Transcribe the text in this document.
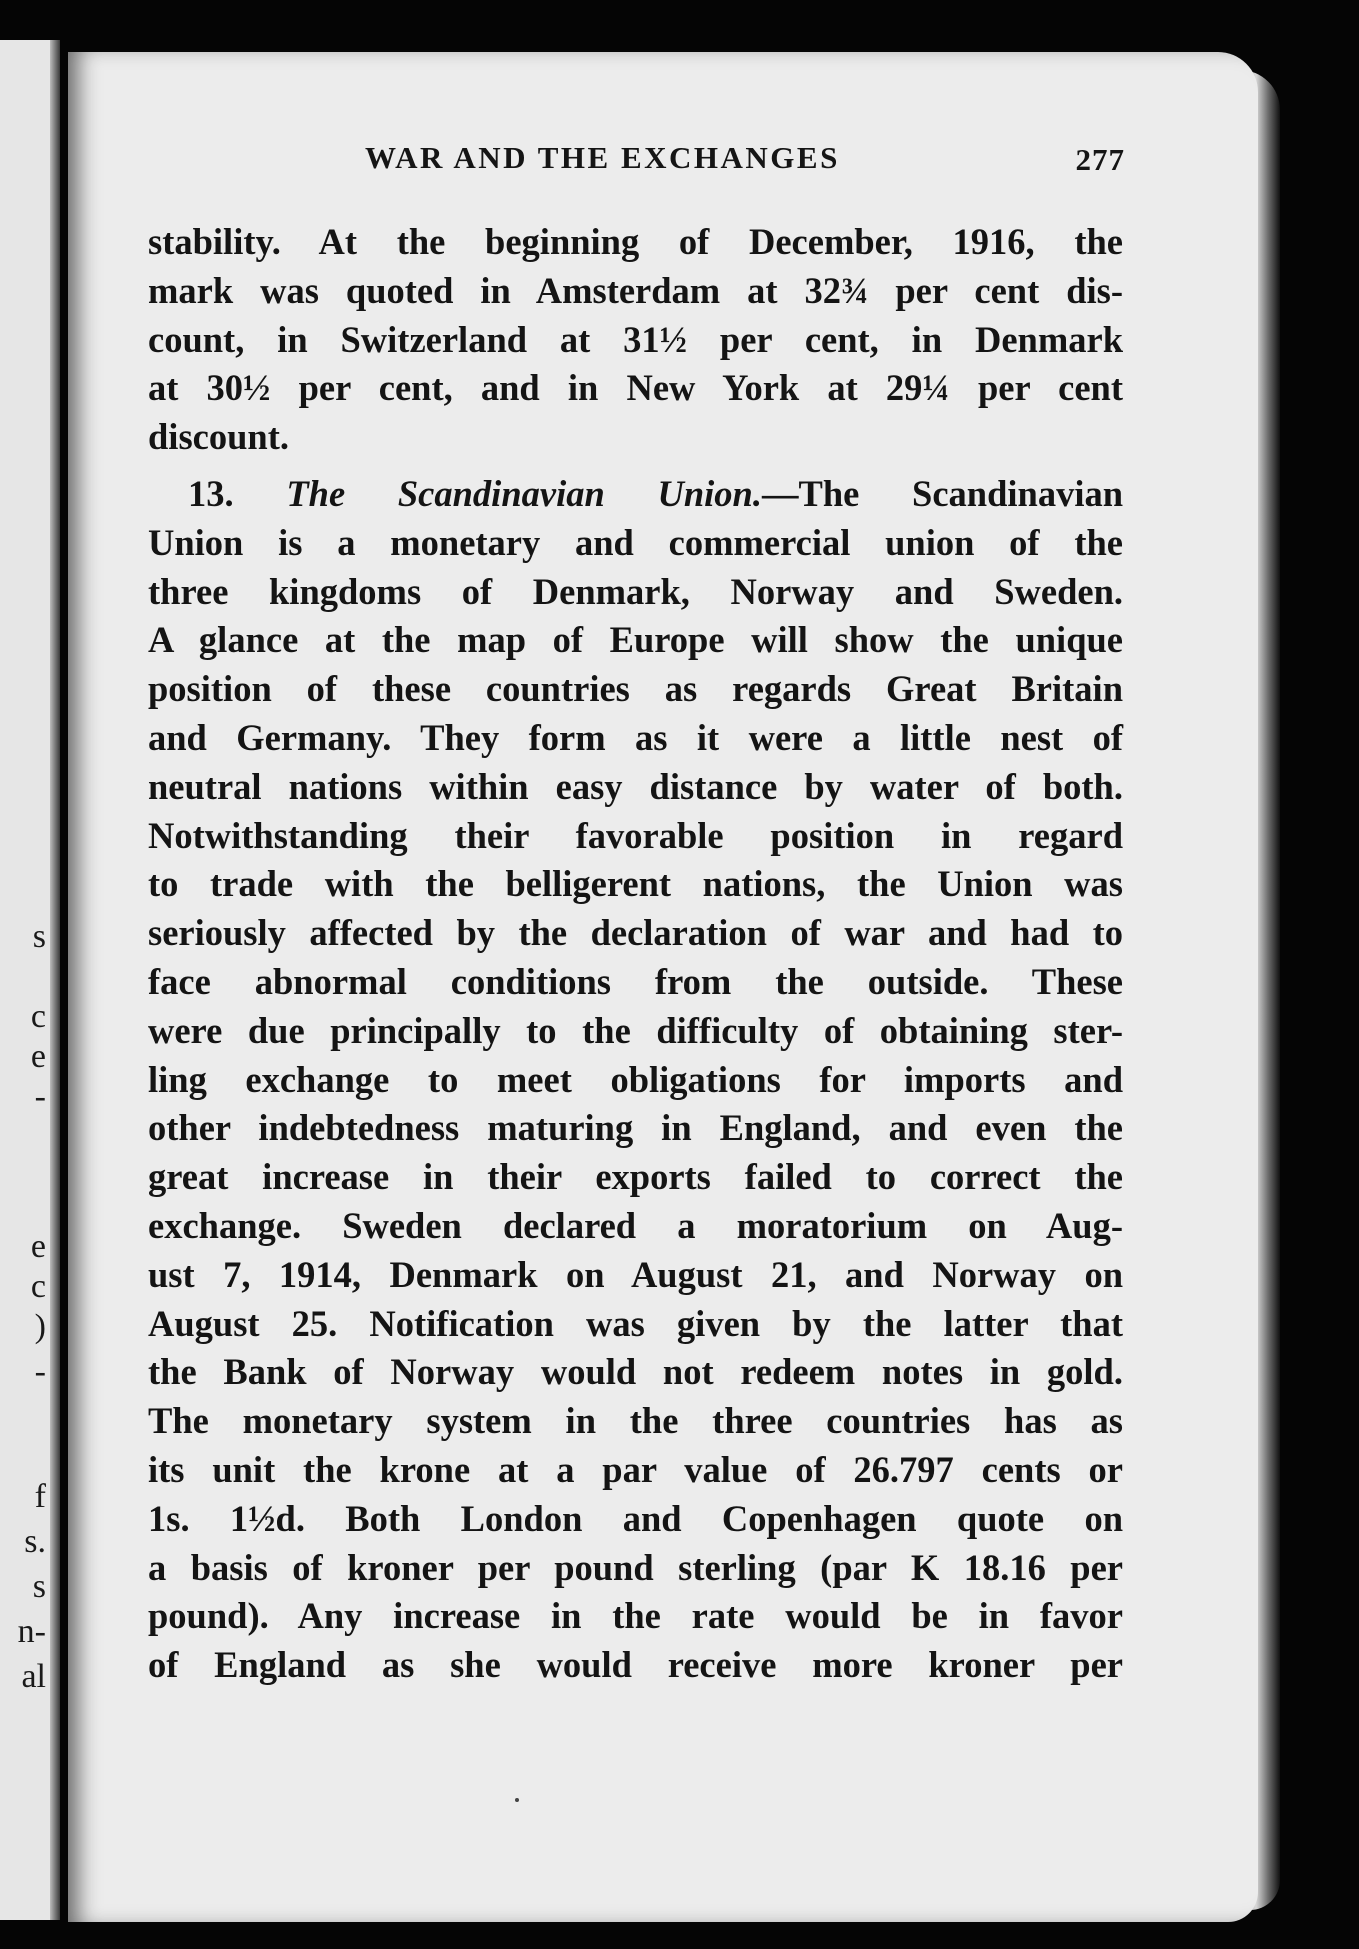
s
c
e
-
e
c
)
-
f
s.
s
n-
al
WAR AND THE EXCHANGES	277
stability. At the beginning of December, 1916, the
mark was quoted in Amsterdam at 32¾ per cent dis-
count, in Switzerland at 31½ per cent, in Denmark
at 30½ per cent, and in New York at 29¼ per cent
discount.
13. The Scandinavian Union.—The Scandinavian
Union is a monetary and commercial union of the
three kingdoms of Denmark, Norway and Sweden.
A glance at the map of Europe will show the unique
position of these countries as regards Great Britain
and Germany. They form as it were a little nest of
neutral nations within easy distance by water of both.
Notwithstanding their favorable position in regard
to trade with the belligerent nations, the Union was
seriously affected by the declaration of war and had to
face abnormal conditions from the outside. These
were due principally to the difficulty of obtaining ster-
ling exchange to meet obligations for imports and
other indebtedness maturing in England, and even the
great increase in their exports failed to correct the
exchange. Sweden declared a moratorium on Aug-
ust 7, 1914, Denmark on August 21, and Norway on
August 25. Notification was given by the latter that
the Bank of Norway would not redeem notes in gold.
The monetary system in the three countries has as
its unit the krone at a par value of 26.797 cents or
1s. 1½d. Both London and Copenhagen quote on
a basis of kroner per pound sterling (par K 18.16 per
pound). Any increase in the rate would be in favor
of England as she would receive more kroner per
